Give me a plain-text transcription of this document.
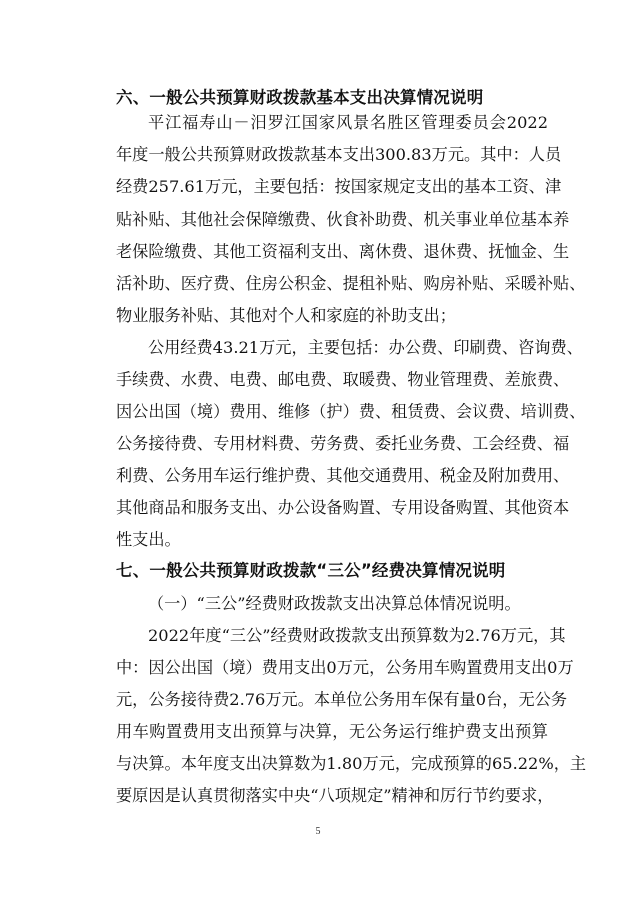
六、一般公共预算财政拨款基本支出决算情况说明
平江福寿山－汨罗江国家风景名胜区管理委员会2022
年度一般公共预算财政拨款基本支出300.83万元。其中：人员
经费257.61万元，主要包括：按国家规定支出的基本工资、津
贴补贴、其他社会保障缴费、伙食补助费、机关事业单位基本养
老保险缴费、其他工资福利支出、离休费、退休费、抚恤金、生
活补助、医疗费、住房公积金、提租补贴、购房补贴、采暖补贴、
物业服务补贴、其他对个人和家庭的补助支出；
公用经费43.21万元，主要包括：办公费、印刷费、咨询费、
手续费、水费、电费、邮电费、取暖费、物业管理费、差旅费、
因公出国（境）费用、维修（护）费、租赁费、会议费、培训费、
公务接待费、专用材料费、劳务费、委托业务费、工会经费、福
利费、公务用车运行维护费、其他交通费用、税金及附加费用、
其他商品和服务支出、办公设备购置、专用设备购置、其他资本
性支出。
七、一般公共预算财政拨款“三公”经费决算情况说明
（一）“三公”经费财政拨款支出决算总体情况说明。
2022年度“三公”经费财政拨款支出预算数为2.76万元，其
中：因公出国（境）费用支出0万元，公务用车购置费用支出0万
元，公务接待费2.76万元。本单位公务用车保有量0台，无公务
用车购置费用支出预算与决算，无公务运行维护费支出预算
与决算。本年度支出决算数为1.80万元，完成预算的65.22%，主
要原因是认真贯彻落实中央“八项规定”精神和厉行节约要求，
5
